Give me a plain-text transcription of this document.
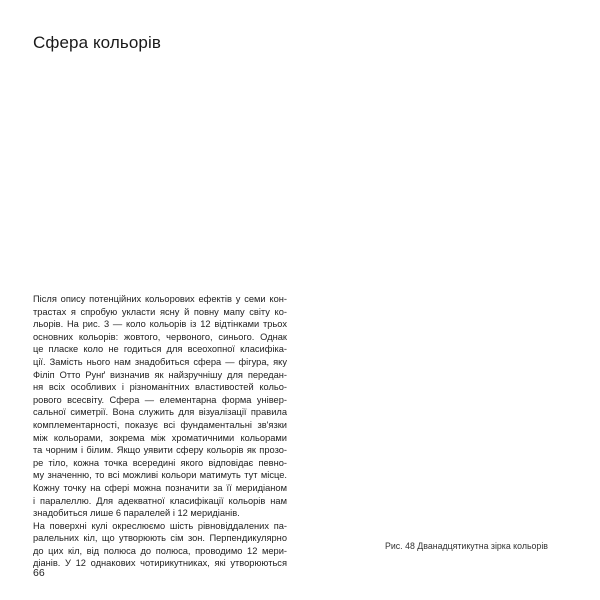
Сфера кольорів
Після опису потенційних кольорових ефектів у семи кон-
трастах я спробую укласти ясну й повну мапу світу ко-
льорів. На рис. 3 — коло кольорів із 12 відтінками трьох
основних кольорів: жовтого, червоного, синього. Однак
це пласке коло не годиться для всеохопної класифіка-
ції. Замість нього нам знадобиться сфера — фігура, яку
Філіп Отто Рунґ визначив як найзручнішу для передан-
ня всіх особливих і різноманітних властивостей кольо-
рового всесвіту. Сфера — елементарна форма універ-
сальної симетрії. Вона служить для візуалізації правила
комплементарності, показує всі фундаментальні зв'язки
між кольорами, зокрема між хроматичними кольорами
та чорним і білим. Якщо уявити сферу кольорів як прозо-
ре тіло, кожна точка всередині якого відповідає певно-
му значенню, то всі можливі кольори матимуть тут місце.
Кожну точку на сфері можна позначити за її меридіаном
і паралеллю. Для адекватної класифікації кольорів нам
знадобиться лише 6 паралелей і 12 меридіанів.
На поверхні кулі окреслюємо шість рівновіддалених па-
ралельних кіл, що утворюють сім зон. Перпендикулярно
до цих кіл, від полюса до полюса, проводимо 12 мери-
діанів. У 12 однакових чотирикутниках, які утворюються
Рис. 48 Дванадцятикутна зірка кольорів
66
